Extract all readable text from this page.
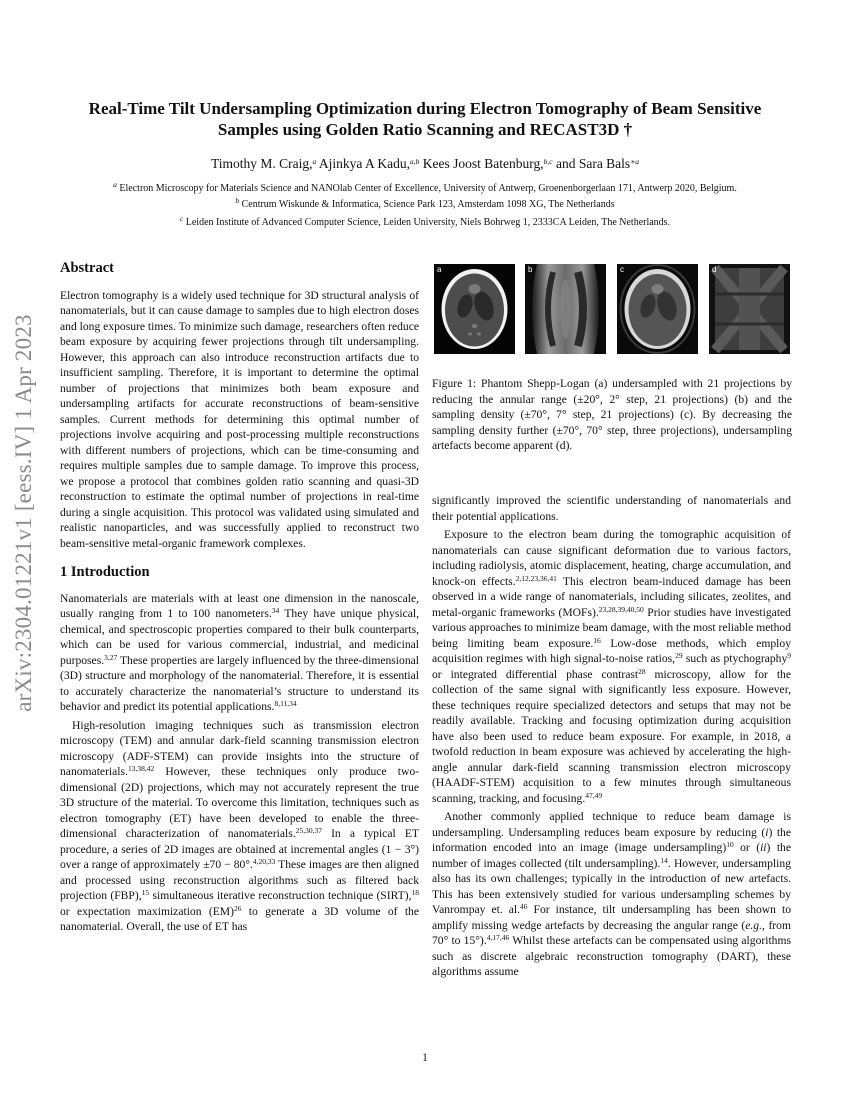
arXiv:2304.01221v1 [eess.IV] 1 Apr 2023
Real-Time Tilt Undersampling Optimization during Electron Tomography of Beam Sensitive Samples using Golden Ratio Scanning and RECAST3D †
Timothy M. Craig,$^a$ Ajinkya A Kadu,$^{a,b}$ Kees Joost Batenburg,$^{b,c}$ and Sara Bals$^{∗a}$
$^a$ Electron Microscopy for Materials Science and NANOlab Center of Excellence, University of Antwerp, Groenenborgerlaan 171, Antwerp 2020, Belgium.
$^b$ Centrum Wiskunde & Informatica, Science Park 123, Amsterdam 1098 XG, The Netherlands
$^c$ Leiden Institute of Advanced Computer Science, Leiden University, Niels Bohrweg 1, 2333CA Leiden, The Netherlands.
Abstract

Electron tomography is a widely used technique for 3D structural analysis of nanomaterials, but it can cause damage to samples due to high electron doses and long exposure times. To minimize such damage, researchers often reduce beam exposure by acquiring fewer projections through tilt undersampling. However, this approach can also introduce reconstruction artifacts due to insufficient sampling. Therefore, it is important to determine the optimal number of projections that minimizes both beam exposure and undersampling artifacts for accurate reconstructions of beam-sensitive samples. Current methods for determining this optimal number of projections involve acquiring and post-processing multiple reconstructions with different numbers of projections, which can be time-consuming and requires multiple samples due to sample damage. To improve this process, we propose a protocol that combines golden ratio scanning and quasi-3D reconstruction to estimate the optimal number of projections in real-time during a single acquisition. This protocol was validated using simulated and realistic nanoparticles, and was successfully applied to reconstruct two beam-sensitive metal-organic framework complexes.

1 Introduction

Nanomaterials are materials with at least one dimension in the nanoscale, usually ranging from 1 to 100 nanometers.$^{34}$ They have unique physical, chemical, and spectroscopic properties compared to their bulk counterparts, which can be used for various commercial, industrial, and medicinal purposes.$^{3,27}$ These properties are largely influenced by the three-dimensional (3D) structure and morphology of the nanomaterial. Therefore, it is essential to accurately characterize the nanomaterial’s structure to understand its behavior and predict its potential applications.$^{8,11,34}$

High-resolution imaging techniques such as transmission electron microscopy (TEM) and annular dark-field scanning transmission electron microscopy (ADF-STEM) can provide insights into the structure of nanomaterials.$^{13,38,42}$ However, these techniques only produce two-dimensional (2D) projections, which may not accurately represent the true 3D structure of the material. To overcome this limitation, techniques such as electron tomography (ET) have been developed to enable the three-dimensional characterization of nanomaterials.$^{25,30,37}$ In a typical ET procedure, a series of 2D images are obtained at incremental angles (1 − 3°) over a range of approximately ±70 − 80°.$^{4,20,33}$ These images are then aligned and processed using reconstruction algorithms such as filtered back projection (FBP),$^{15}$ simultaneous iterative reconstruction technique (SIRT),$^{18}$ or expectation maximization (EM)$^{26}$ to generate a 3D volume of the nanomaterial. Overall, the use of ET has

a	b	c	d
Figure 1: Phantom Shepp-Logan (a) undersampled with 21 projections by reducing the annular range (±20°, 2° step, 21 projections) (b) and the sampling density (±70°, 7° step, 21 projections) (c). By decreasing the sampling density further (±70°, 70° step, three projections), undersampling artefacts become apparent (d).

significantly improved the scientific understanding of nanomaterials and their potential applications.

Exposure to the electron beam during the tomographic acquisition of nanomaterials can cause significant deformation due to various factors, including radiolysis, atomic displacement, heating, charge accumulation, and knock-on effects.$^{2,12,23,36,41}$ This electron beam-induced damage has been observed in a wide range of nanomaterials, including silicates, zeolites, and metal-organic frameworks (MOFs).$^{23,28,39,40,50}$ Prior studies have investigated various approaches to minimize beam damage, with the most reliable method being limiting beam exposure.$^{16}$ Low-dose methods, which employ acquisition regimes with high signal-to-noise ratios,$^{29}$ such as ptychography$^9$ or integrated differential phase contrast$^{28}$ microscopy, allow for the collection of the same signal with significantly less exposure. However, these techniques require specialized detectors and setups that may not be readily available. Tracking and focusing optimization during acquisition have also been used to reduce beam exposure. For example, in 2018, a twofold reduction in beam exposure was achieved by accelerating the high-angle annular dark-field scanning transmission electron microscopy (HAADF-STEM) acquisition to a few minutes through simultaneous scanning, tracking, and focusing.$^{47,49}$

Another commonly applied technique to reduce beam damage is undersampling. Undersampling reduces beam exposure by reducing (i) the information encoded into an image (image undersampling)$^{10}$ or (ii) the number of images collected (tilt undersampling).$^{14}$. However, undersampling also has its own challenges; typically in the introduction of new artefacts. This has been extensively studied for various undersampling schemes by Vanrompay et. al.$^{46}$ For instance, tilt undersampling has been shown to amplify missing wedge artefacts by decreasing the angular range (e.g., from 70° to 15°).$^{4,17,46}$ Whilst these artefacts can be compensated using algorithms such as discrete algebraic reconstruction tomography (DART), these algorithms assume

1
